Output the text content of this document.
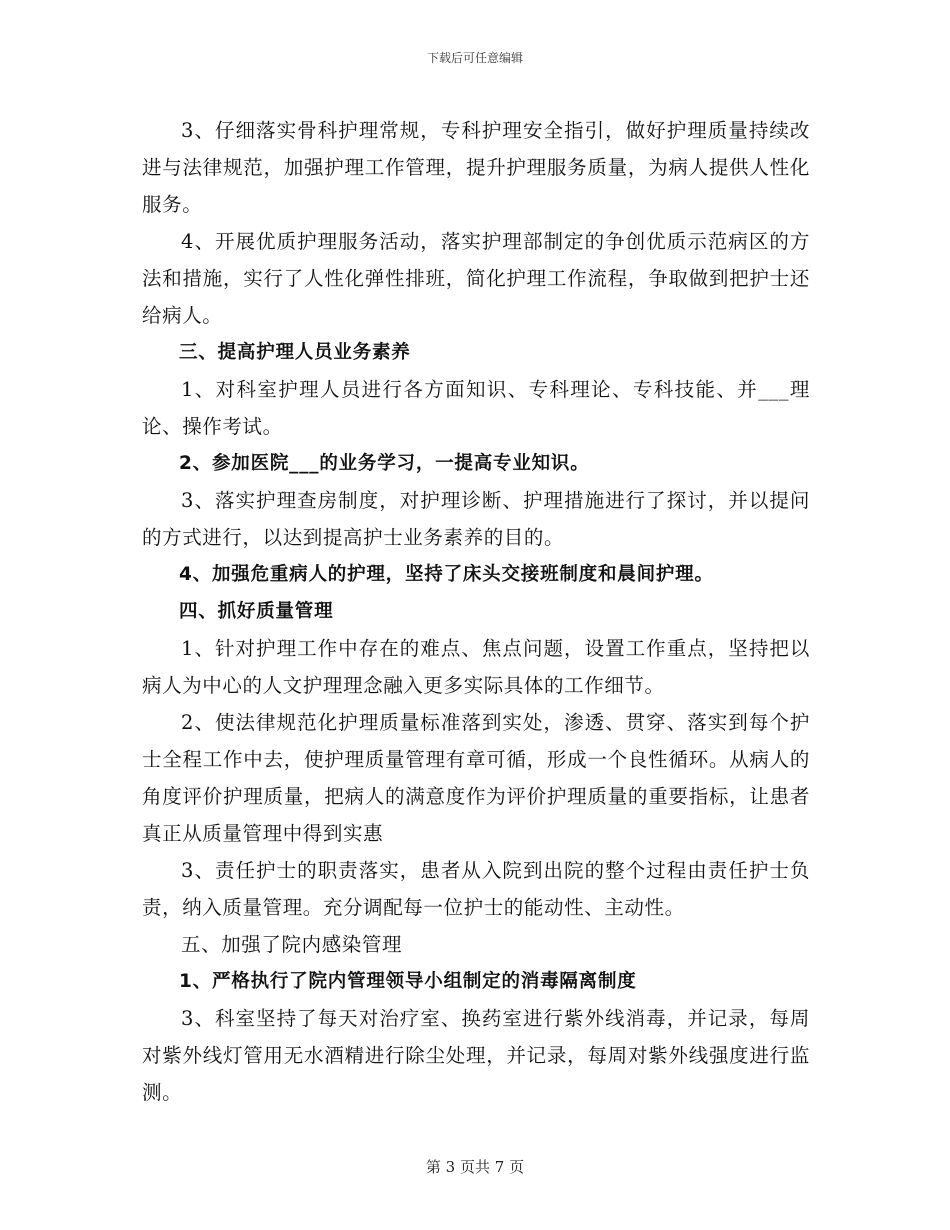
下载后可任意编辑

3、仔细落实骨科护理常规，专科护理安全指引，做好护理质量持续改进与法律规范，加强护理工作管理，提升护理服务质量，为病人提供人性化服务。

4、开展优质护理服务活动，落实护理部制定的争创优质示范病区的方法和措施，实行了人性化弹性排班，简化护理工作流程，争取做到把护士还给病人。

三、提高护理人员业务素养

1、对科室护理人员进行各方面知识、专科理论、专科技能、并___理论、操作考试。

2、参加医院___的业务学习，一提高专业知识。

3、落实护理查房制度，对护理诊断、护理措施进行了探讨，并以提问的方式进行，以达到提高护士业务素养的目的。

4、加强危重病人的护理，坚持了床头交接班制度和晨间护理。

四、抓好质量管理

1、针对护理工作中存在的难点、焦点问题，设置工作重点，坚持把以病人为中心的人文护理理念融入更多实际具体的工作细节。

2、使法律规范化护理质量标准落到实处，渗透、贯穿、落实到每个护士全程工作中去，使护理质量管理有章可循，形成一个良性循环。从病人的角度评价护理质量，把病人的满意度作为评价护理质量的重要指标，让患者真正从质量管理中得到实惠

3、责任护士的职责落实，患者从入院到出院的整个过程由责任护士负责，纳入质量管理。充分调配每一位护士的能动性、主动性。

五、加强了院内感染管理

1、严格执行了院内管理领导小组制定的消毒隔离制度

3、科室坚持了每天对治疗室、换药室进行紫外线消毒，并记录，每周对紫外线灯管用无水酒精进行除尘处理，并记录，每周对紫外线强度进行监测。

第 3 页共 7 页
